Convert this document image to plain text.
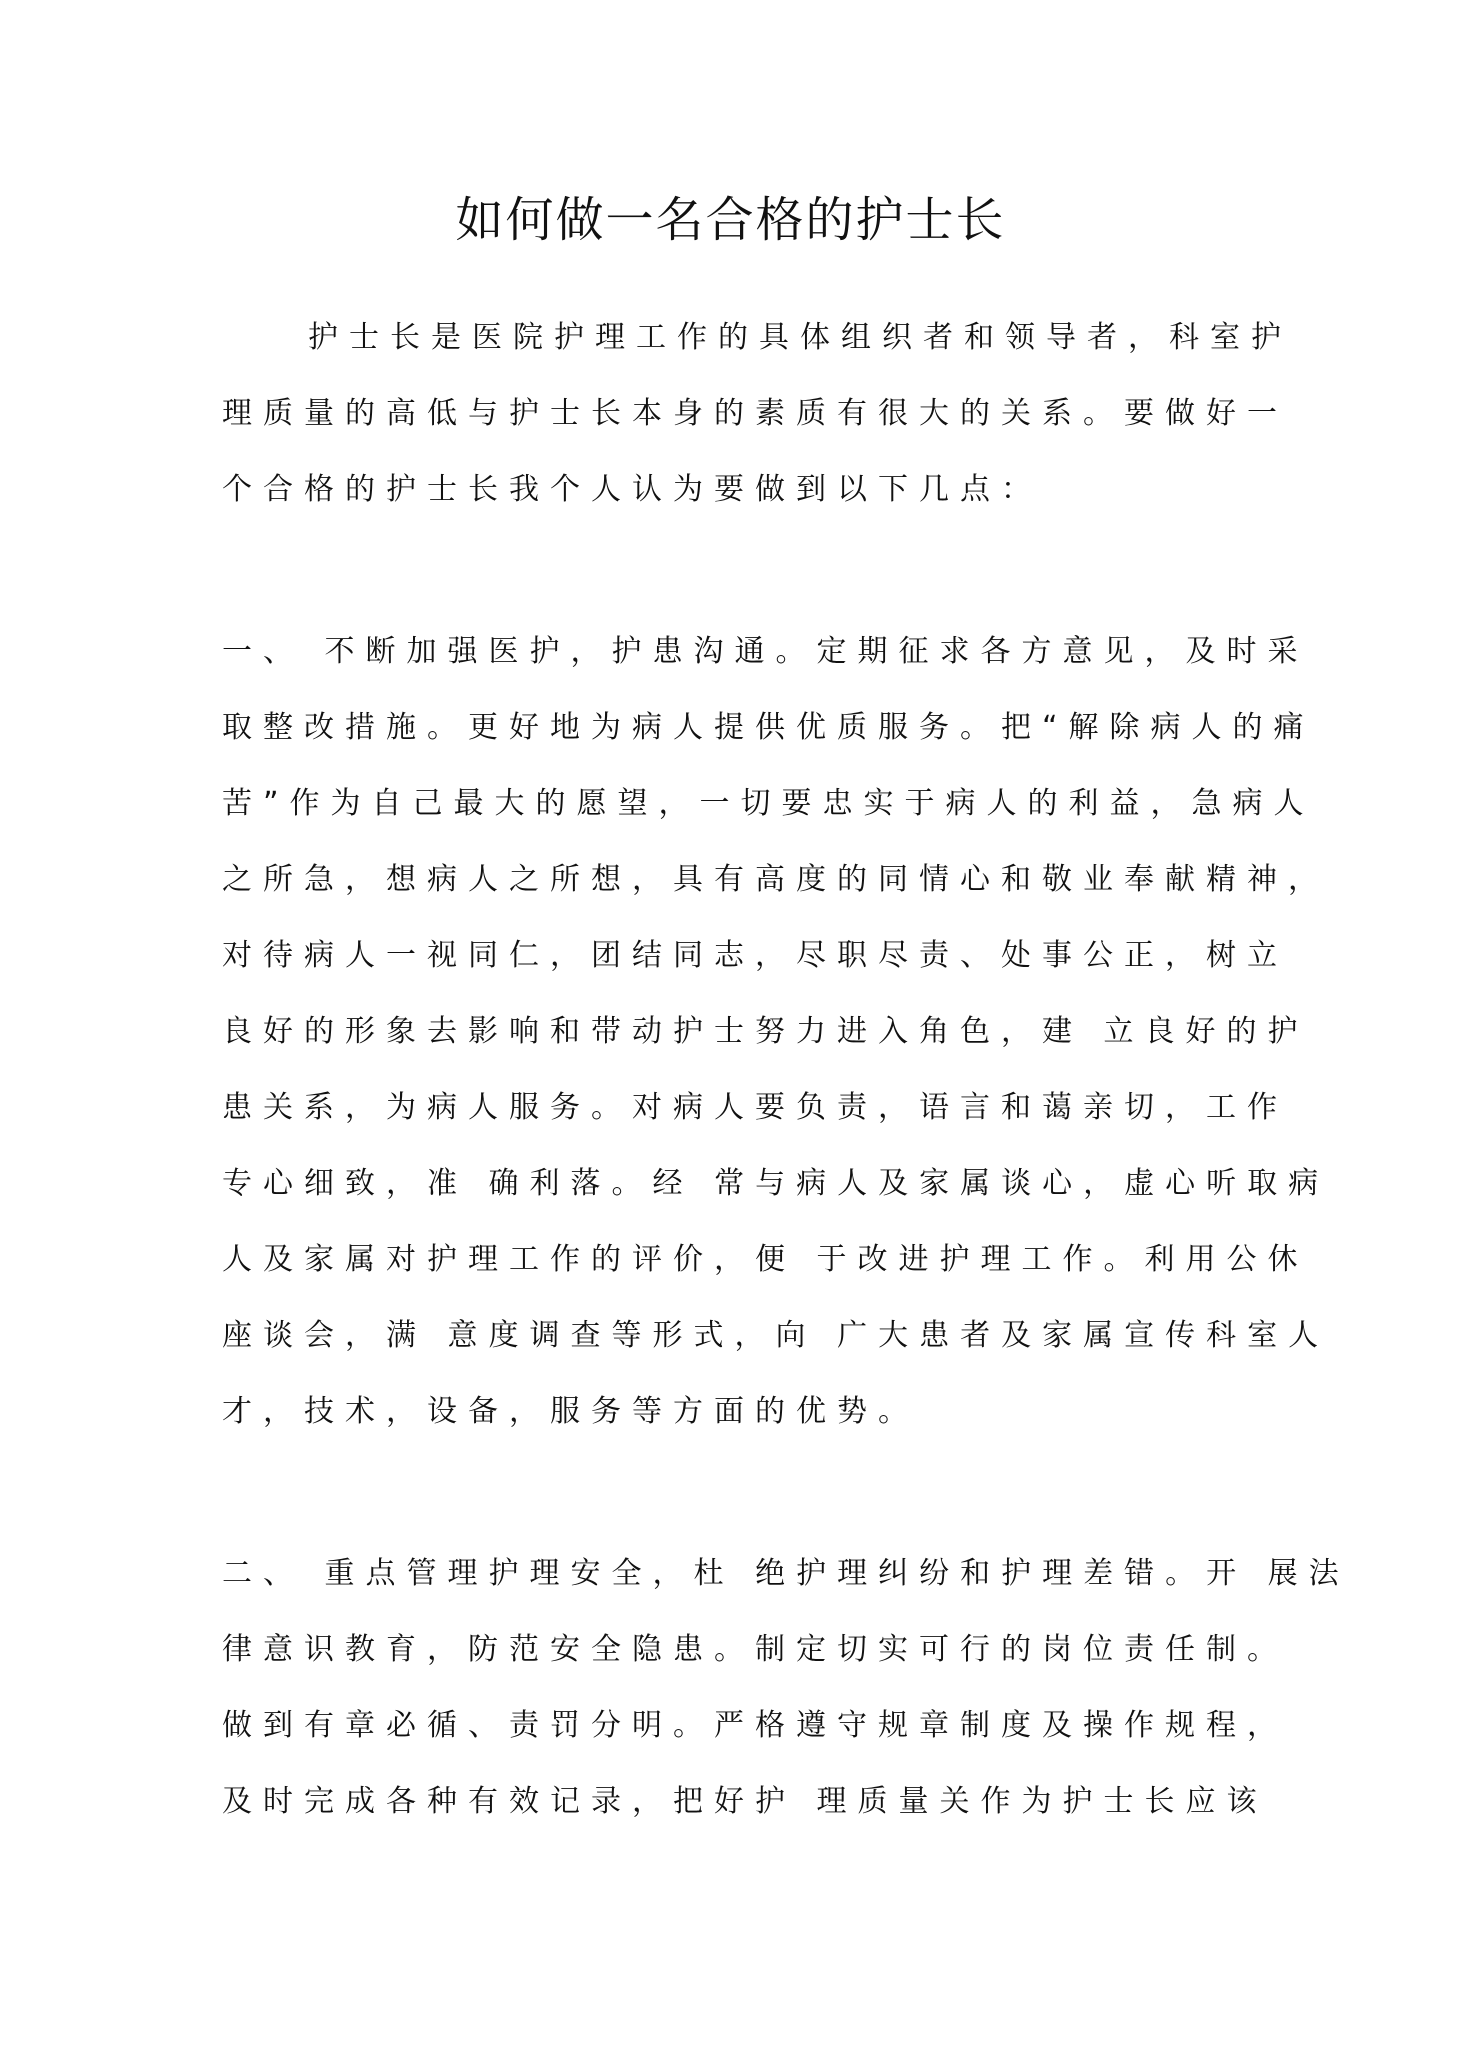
如何做一名合格的护士长

护士长是医院护理工作的具体组织者和领导者，科室护

理质量的高低与护士长本身的素质有很大的关系。要做好一

个合格的护士长我个人认为要做到以下几点：

一、 不断加强医护，护患沟通。定期征求各方意见，及时采

取整改措施。更好地为病人提供优质服务。把“解除病人的痛

苦”作为自己最大的愿望，一切要忠实于病人的利益，急病人

之所急，想病人之所想，具有高度的同情心和敬业奉献精神，

对待病人一视同仁，团结同志，尽职尽责、处事公正，树立

良好的形象去影响和带动护士努力进入角色，建 立良好的护

患关系，为病人服务。对病人要负责，语言和蔼亲切，工作

专心细致，准 确利落。经 常与病人及家属谈心，虚心听取病

人及家属对护理工作的评价，便 于改进护理工作。利用公休

座谈会，满 意度调查等形式，向 广大患者及家属宣传科室人

才，技术，设备，服务等方面的优势。

二、 重点管理护理安全，杜 绝护理纠纷和护理差错。开 展法

律意识教育，防范安全隐患。制定切实可行的岗位责任制。

做到有章必循、责罚分明。严格遵守规章制度及操作规程，

及时完成各种有效记录，把好护 理质量关作为护士长应该
